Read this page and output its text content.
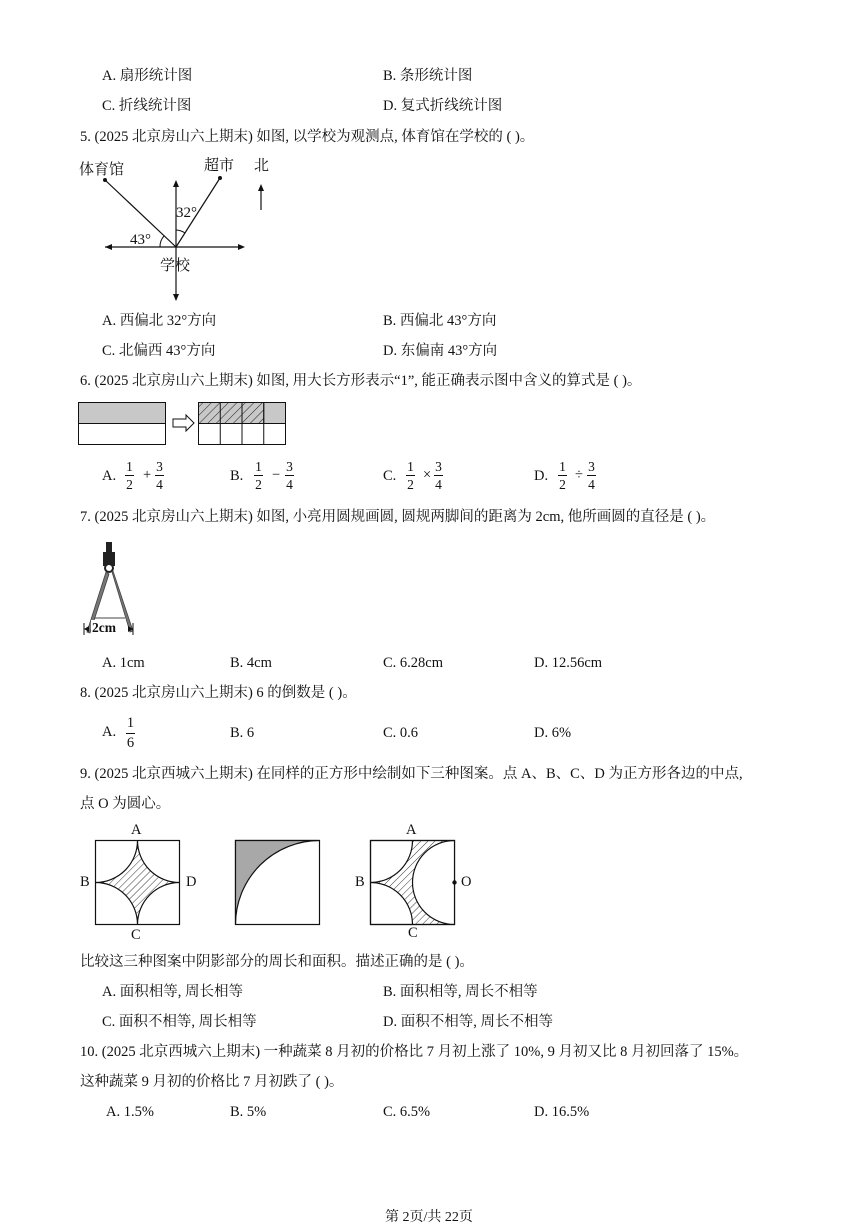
A. 扇形统计图	B. 条形统计图
C. 折线统计图	D. 复式折线统计图
5. (2025 北京房山六上期末) 如图, 以学校为观测点, 体育馆在学校的 ( )。
体育馆	超市 北
32°
43°
学校
A. 西偏北 32°方向	B. 西偏北 43°方向
C. 北偏西 43°方向	D. 东偏南 43°方向
6. (2025 北京房山六上期末) 如图, 用大长方形表示“1”, 能正确表示图中含义的算式是 ( )。
A.
1
2
+
3
4
B.
1
2
−
3
4
C.
1
2
×
3
4
D.
1
2
÷
3
4
7. (2025 北京房山六上期末) 如图, 小亮用圆规画圆, 圆规两脚间的距离为 2cm, 他所画圆的直径是 ( )。
2cm
A. 1cm	B. 4cm	C. 6.28cm	D. 12.56cm
8. (2025 北京房山六上期末) 6 的倒数是 ( )。
A.
1
6
B. 6	C. 0.6	D. 6%
9. (2025 北京西城六上期末) 在同样的正方形中绘制如下三种图案。点 A、B、C、D 为正方形各边的中点,
点 O 为圆心。
A
B	D
C
A
B	O
C
比较这三种图案中阴影部分的周长和面积。描述正确的是 ( )。
A. 面积相等, 周长相等	B. 面积相等, 周长不相等
C. 面积不相等, 周长相等	D. 面积不相等, 周长不相等
10. (2025 北京西城六上期末) 一种蔬菜 8 月初的价格比 7 月初上涨了 10%, 9 月初又比 8 月初回落了 15%。
这种蔬菜 9 月初的价格比 7 月初跌了 ( )。
A. 1.5%	B. 5%	C. 6.5%	D. 16.5%
第 2页/共 22页
